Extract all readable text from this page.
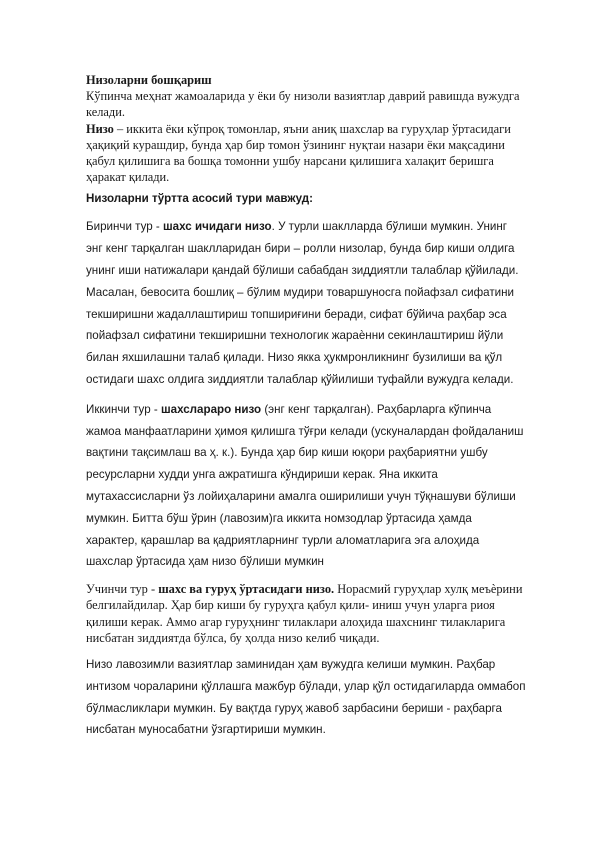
Низоларни бошқариш
Кўпинча меҳнат жамоаларида у ёки бу низоли вазиятлар даврий равишда вужудга келади.
Низо – иккита ёки кўпроқ томонлар, яъни аниқ шахслар ва гуруҳлар ўртасидаги ҳақиқий курашдир, бунда ҳар бир томон ўзининг нуқтаи назари ёки мақсадини қабул қилишига ва бошқа томонни ушбу нарсани қилишига халақит беришга ҳаракат қилади.

Низоларни тўртта асосий тури мавжуд:

Биринчи тур - шахс ичидаги низо. У турли шаклларда бўлиши мумкин. Унинг энг кенг тарқалган шаклларидан бири – ролли низолар, бунда бир киши олдига унинг иши натижалари қандай бўлиши сабабдан зиддиятли талаблар қўйилади. Масалан, бевосита бошлиқ – бўлим мудири товаршуносга пойафзал сифатини текширишни жадаллаштириш топшириғини беради, сифат бўйича раҳбар эса пойафзал сифатини текширишни технологик жараѐнни секинлаштириш йўли билан яхшилашни талаб қилади. Низо якка ҳукмронликнинг бузилиши ва қўл остидаги шахс олдига зиддиятли талаблар қўйилиши туфайли вужудга келади.

Иккинчи тур - шахслараро низо (энг кенг тарқалган). Раҳбарларга кўпинча жамоа манфаатларини ҳимоя қилишга тўғри келади (ускуналардан фойдаланиш вақтини тақсимлаш ва ҳ. к.). Бунда ҳар бир киши юқори раҳбариятни ушбу ресурсларни худди унга ажратишга кўндириши керак. Яна иккита мутахассисларни ўз лойиҳаларини амалга оширилиши учун тўқнашуви бўлиши мумкин. Битта бўш ўрин (лавозим)га иккита номзодлар ўртасида ҳамда характер, қарашлар ва қадриятларнинг турли аломатларига эга алоҳида шахслар ўртасида ҳам низо бўлиши мумкин

Учинчи тур - шахс ва гуруҳ ўртасидаги низо. Норасмий гуруҳлар хулқ меъѐрини белгилайдилар. Ҳар бир киши бу гуруҳга қабул қили- иниш учун уларга риоя қилиши керак. Аммо агар гуруҳнинг тилаклари алоҳида шахснинг тилакларига нисбатан зиддиятда бўлса, бу ҳолда низо келиб чиқади.

Низо лавозимли вазиятлар заминидан ҳам вужудга келиши мумкин. Раҳбар интизом чораларини қўллашга мажбур бўлади, улар қўл остидагиларда оммабоп бўлмасликлари мумкин. Бу вақтда гуруҳ жавоб зарбасини бериши - раҳбарга нисбатан муносабатни ўзгартириши мумкин.
